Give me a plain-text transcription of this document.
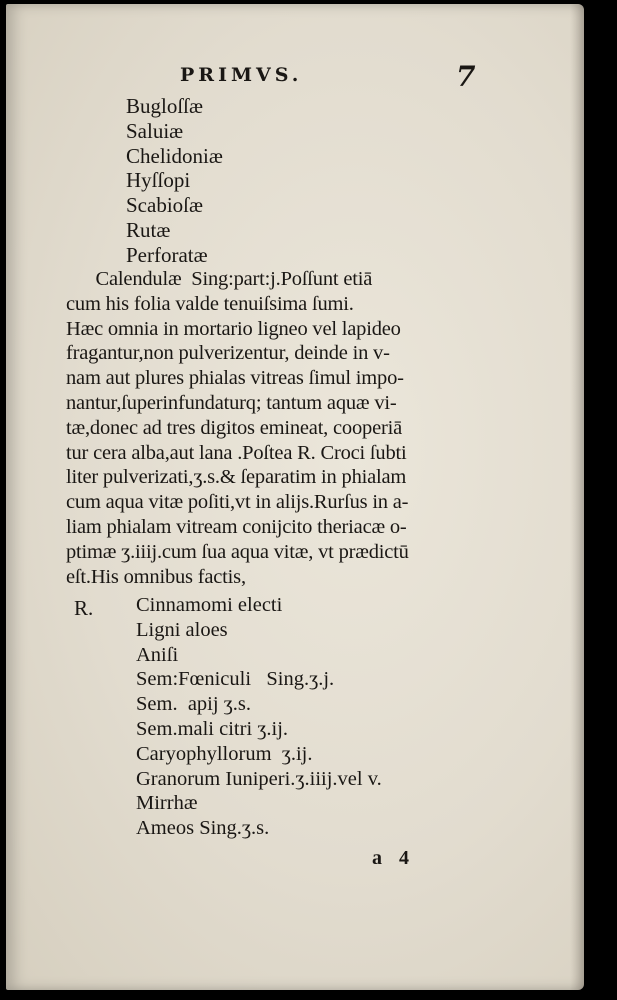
PRIMVS.	7
Bugloſſæ
Saluiæ
Chelidoniæ
Hyſſopi
Scabioſæ
Rutæ
Perforatæ
Calendulæ  Sing:part:j.Poſſunt etiā
cum his folia valde tenuiſsima ſumi.
Hæc omnia in mortario ligneo vel lapideo
fragantur,non pulverizentur, deinde in v-
nam aut plures phialas vitreas ſimul impo-
nantur,ſuperinfundaturq; tantum aquæ vi-
tæ,donec ad tres digitos emineat, cooperiā
tur cera alba,aut lana .Poſtea R. Croci ſubti
liter pulverizati,ʒ.s.& ſeparatim in phialam
cum aqua vitæ poſiti,vt in alijs.Rurſus in a-
liam phialam vitream conijcito theriacæ o-
ptimæ ʒ.iiij.cum ſua aqua vitæ, vt prædictū
eſt.His omnibus factis,
R. Cinnamomi electi
Ligni aloes
Aniſi
Sem:Fœniculi   Sing.ʒ.j.
Sem.  apij ʒ.s.
Sem.mali citri ʒ.ij.
Caryophyllorum  ʒ.ij.
Granorum Iuniperi.ʒ.iiij.vel v.
Mirrhæ
Ameos Sing.ʒ.s.
a 4
